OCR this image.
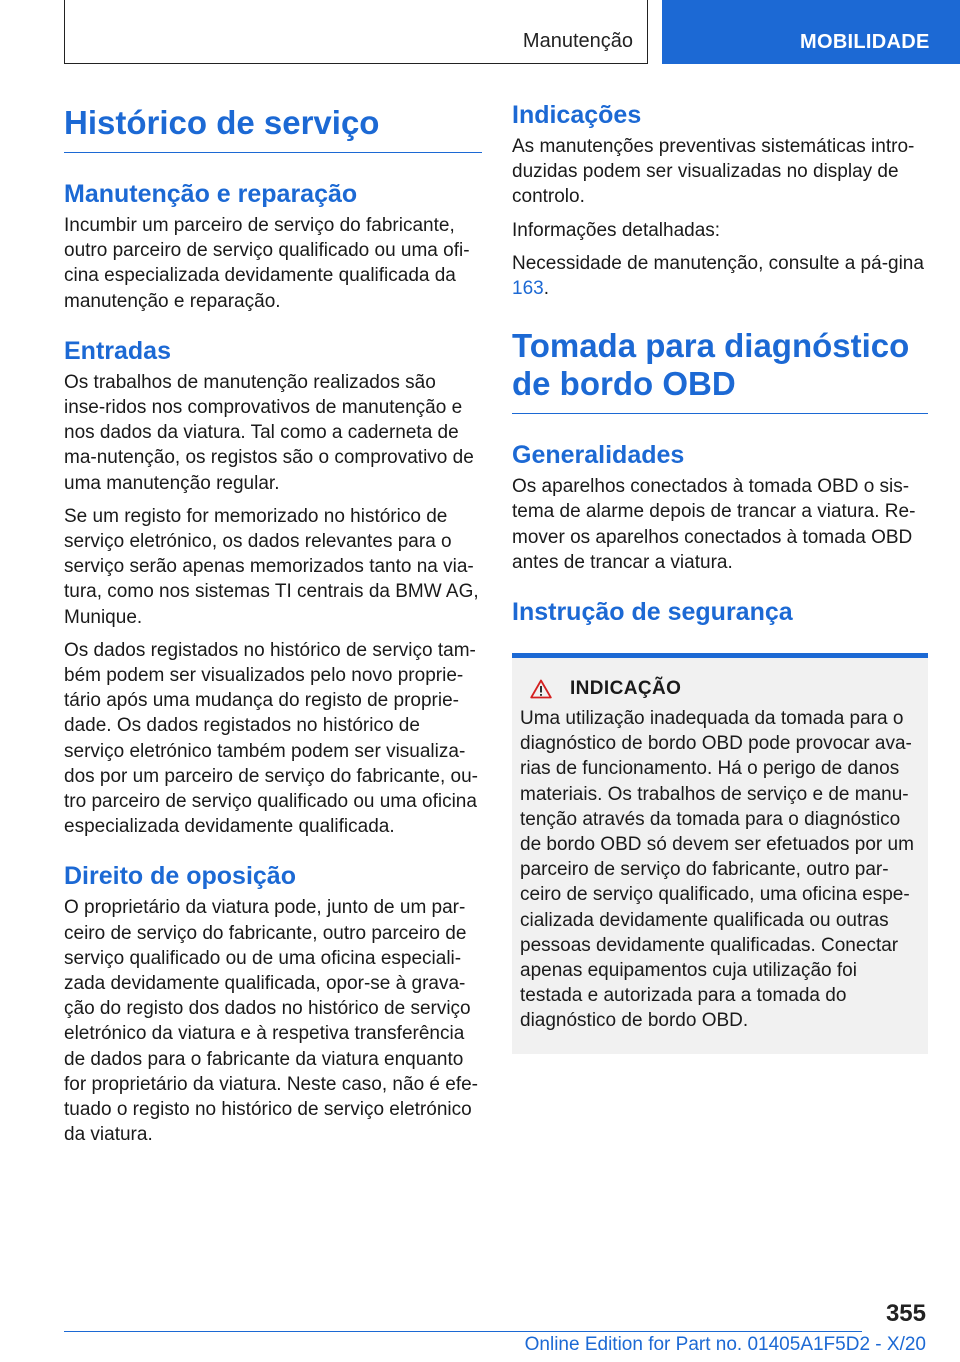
Manutenção	MOBILIDADE
Histórico de serviço
Manutenção e reparação

Incumbir um parceiro de serviço do fabricante, outro parceiro de serviço qualificado ou uma ofi-cina especializada devidamente qualificada da manutenção e reparação.

Entradas

Os trabalhos de manutenção realizados são inse-ridos nos comprovativos de manutenção e nos dados da viatura. Tal como a caderneta de ma-nutenção, os registos são o comprovativo de uma manutenção regular.

Se um registo for memorizado no histórico de serviço eletrónico, os dados relevantes para o serviço serão apenas memorizados tanto na via-tura, como nos sistemas TI centrais da BMW AG, Munique.

Os dados registados no histórico de serviço tam-bém podem ser visualizados pelo novo proprie-tário após uma mudança do registo de proprie-dade. Os dados registados no histórico de serviço eletrónico também podem ser visualiza-dos por um parceiro de serviço do fabricante, ou-tro parceiro de serviço qualificado ou uma oficina especializada devidamente qualificada.

Direito de oposição

O proprietário da viatura pode, junto de um par-ceiro de serviço do fabricante, outro parceiro de serviço qualificado ou de uma oficina especiali-zada devidamente qualificada, opor-se à grava-ção do registo dos dados no histórico de serviço eletrónico da viatura e à respetiva transferência de dados para o fabricante da viatura enquanto for proprietário da viatura. Neste caso, não é efe-tuado o registo no histórico de serviço eletrónico da viatura.

Indicações

As manutenções preventivas sistemáticas intro-duzidas podem ser visualizadas no display de controlo.

Informações detalhadas:

Necessidade de manutenção, consulte a pá-gina 163.

Tomada para diagnóstico de bordo OBD
Generalidades

Os aparelhos conectados à tomada OBD o sis-tema de alarme depois de trancar a viatura. Re-mover os aparelhos conectados à tomada OBD antes de trancar a viatura.

Instrução de segurança
INDICAÇÃO

Uma utilização inadequada da tomada para o diagnóstico de bordo OBD pode provocar ava-rias de funcionamento. Há o perigo de danos materiais. Os trabalhos de serviço e de manu-tenção através da tomada para o diagnóstico de bordo OBD só devem ser efetuados por um parceiro de serviço do fabricante, outro par-ceiro de serviço qualificado, uma oficina espe-cializada devidamente qualificada ou outras pessoas devidamente qualificadas. Conectar apenas equipamentos cuja utilização foi testada e autorizada para a tomada do diagnóstico de bordo OBD.

355
Online Edition for Part no. 01405A1F5D2 - X/20
